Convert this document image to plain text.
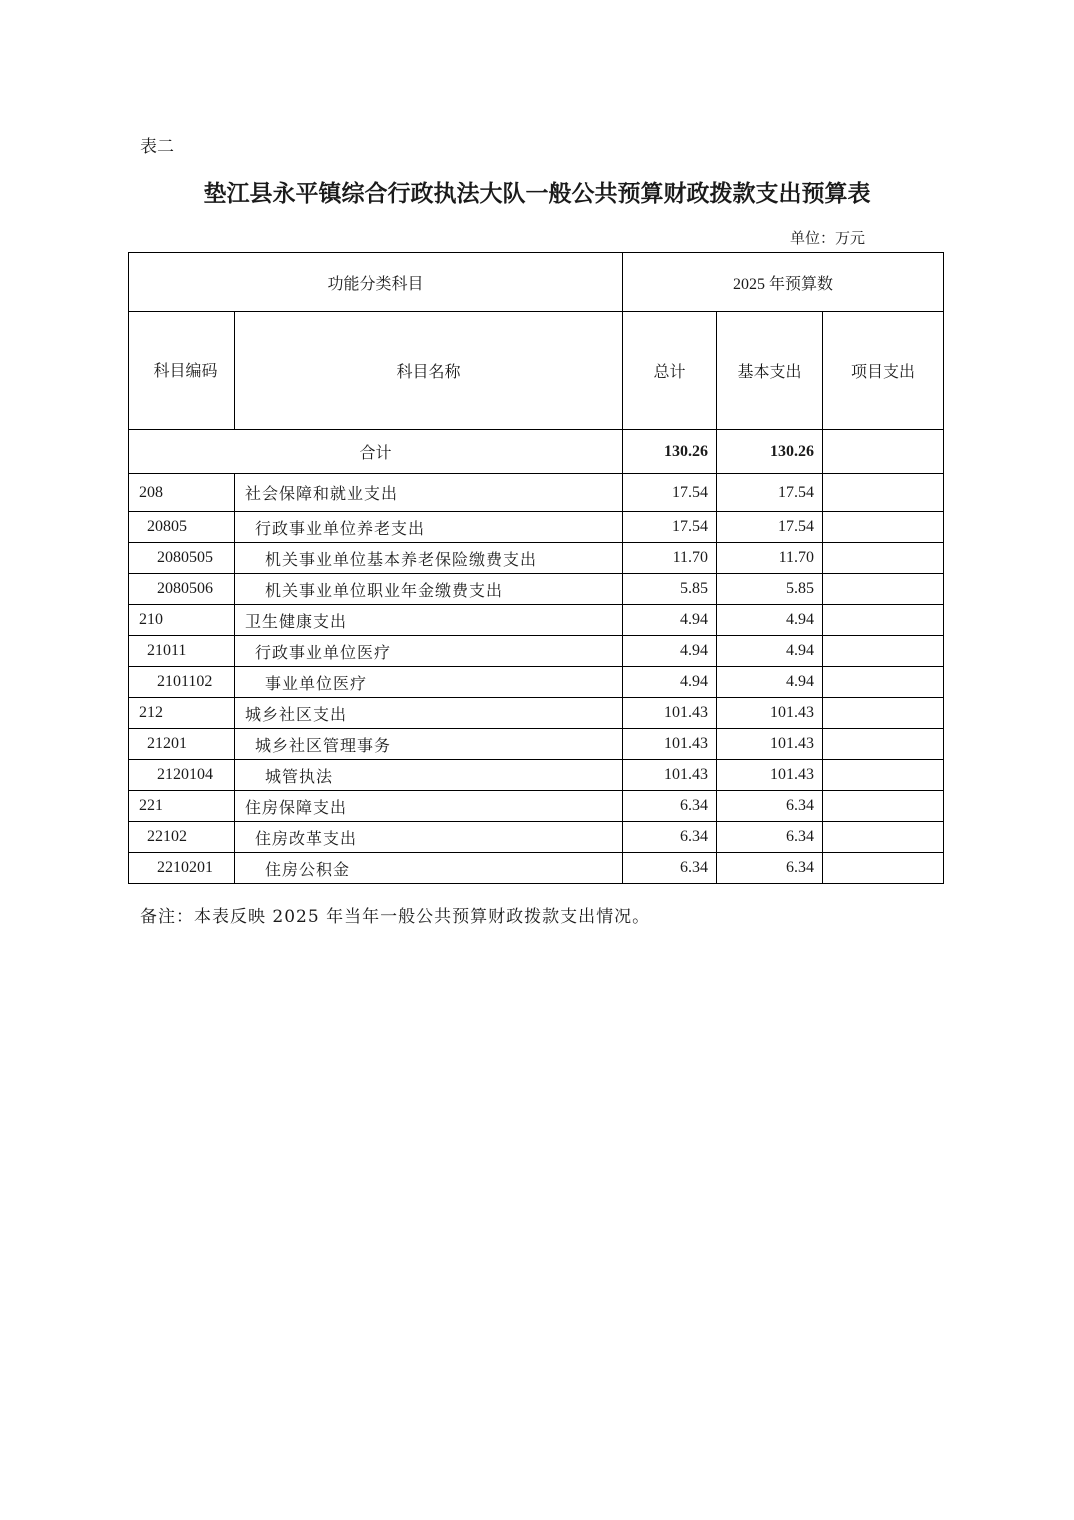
表二
垫江县永平镇综合行政执法大队一般公共预算财政拨款支出预算表
单位：万元
功能分类科目		2025 年预算数		

科目编码	科目名称	总计	基本支出	项目支出
合计		130.26	130.26	
208	社会保障和就业支出	17.54	17.54	
20805	行政事业单位养老支出	17.54	17.54	
2080505	机关事业单位基本养老保险缴费支出	11.70	11.70	
2080506	机关事业单位职业年金缴费支出	5.85	5.85	
210	卫生健康支出	4.94	4.94	
21011	行政事业单位医疗	4.94	4.94	
2101102	事业单位医疗	4.94	4.94	
212	城乡社区支出	101.43	101.43	
21201	城乡社区管理事务	101.43	101.43	
2120104	城管执法	101.43	101.43	
221	住房保障支出	6.34	6.34	
22102	住房改革支出	6.34	6.34	
2210201	住房公积金	6.34	6.34	
备注：本表反映 2025 年当年一般公共预算财政拨款支出情况。
